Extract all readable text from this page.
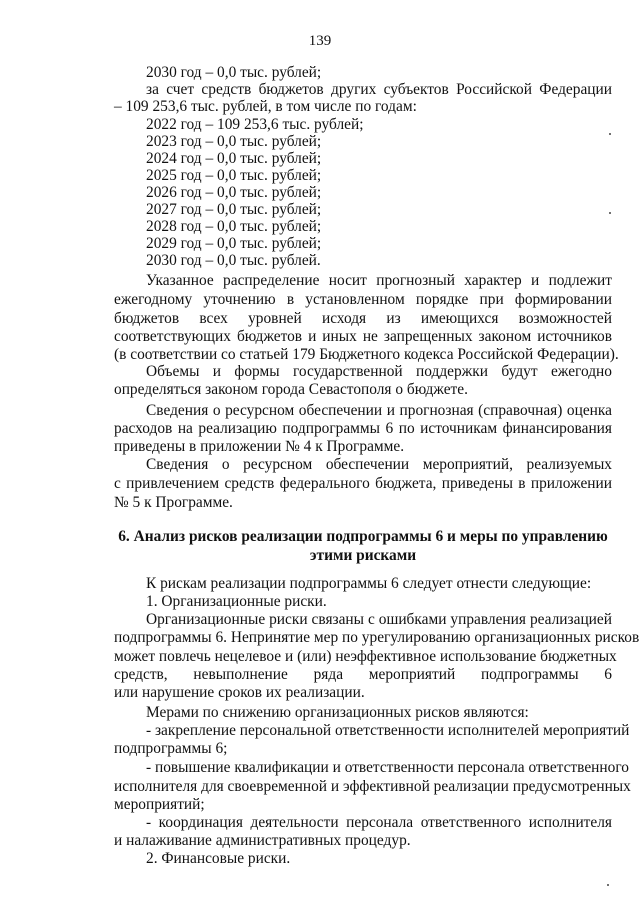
139
2030 год – 0,0 тыс. рублей;
за счет средств бюджетов других субъектов Российской Федерации
– 109 253,6 тыс. рублей, в том числе по годам:
2022 год – 109 253,6 тыс. рублей;
2023 год – 0,0 тыс. рублей;
2024 год – 0,0 тыс. рублей;
2025 год – 0,0 тыс. рублей;
2026 год – 0,0 тыс. рублей;
2027 год – 0,0 тыс. рублей;
2028 год – 0,0 тыс. рублей;
2029 год – 0,0 тыс. рублей;
2030 год – 0,0 тыс. рублей.
Указанное распределение носит прогнозный характер и подлежит
ежегодному уточнению в установленном порядке при формировании
бюджетов всех уровней исходя из имеющихся возможностей
соответствующих бюджетов и иных не запрещенных законом источников
(в соответствии со статьей 179 Бюджетного кодекса Российской Федерации).
Объемы и формы государственной поддержки будут ежегодно
определяться законом города Севастополя о бюджете.
Сведения о ресурсном обеспечении и прогнозная (справочная) оценка
расходов на реализацию подпрограммы 6 по источникам финансирования
приведены в приложении № 4 к Программе.
Сведения о ресурсном обеспечении мероприятий, реализуемых
с привлечением средств федерального бюджета, приведены в приложении
№ 5 к Программе.
6. Анализ рисков реализации подпрограммы 6 и меры по управлению
этими рисками
К рискам реализации подпрограммы 6 следует отнести следующие:
1. Организационные риски.
Организационные риски связаны с ошибками управления реализацией
подпрограммы 6. Непринятие мер по урегулированию организационных рисков
может повлечь нецелевое и (или) неэффективное использование бюджетных
средств, невыполнение ряда мероприятий подпрограммы 6
или нарушение сроков их реализации.
Мерами по снижению организационных рисков являются:
- закрепление персональной ответственности исполнителей мероприятий
подпрограммы 6;
- повышение квалификации и ответственности персонала ответственного
исполнителя для своевременной и эффективной реализации предусмотренных
мероприятий;
- координация деятельности персонала ответственного исполнителя
и налаживание административных процедур.
2. Финансовые риски.
